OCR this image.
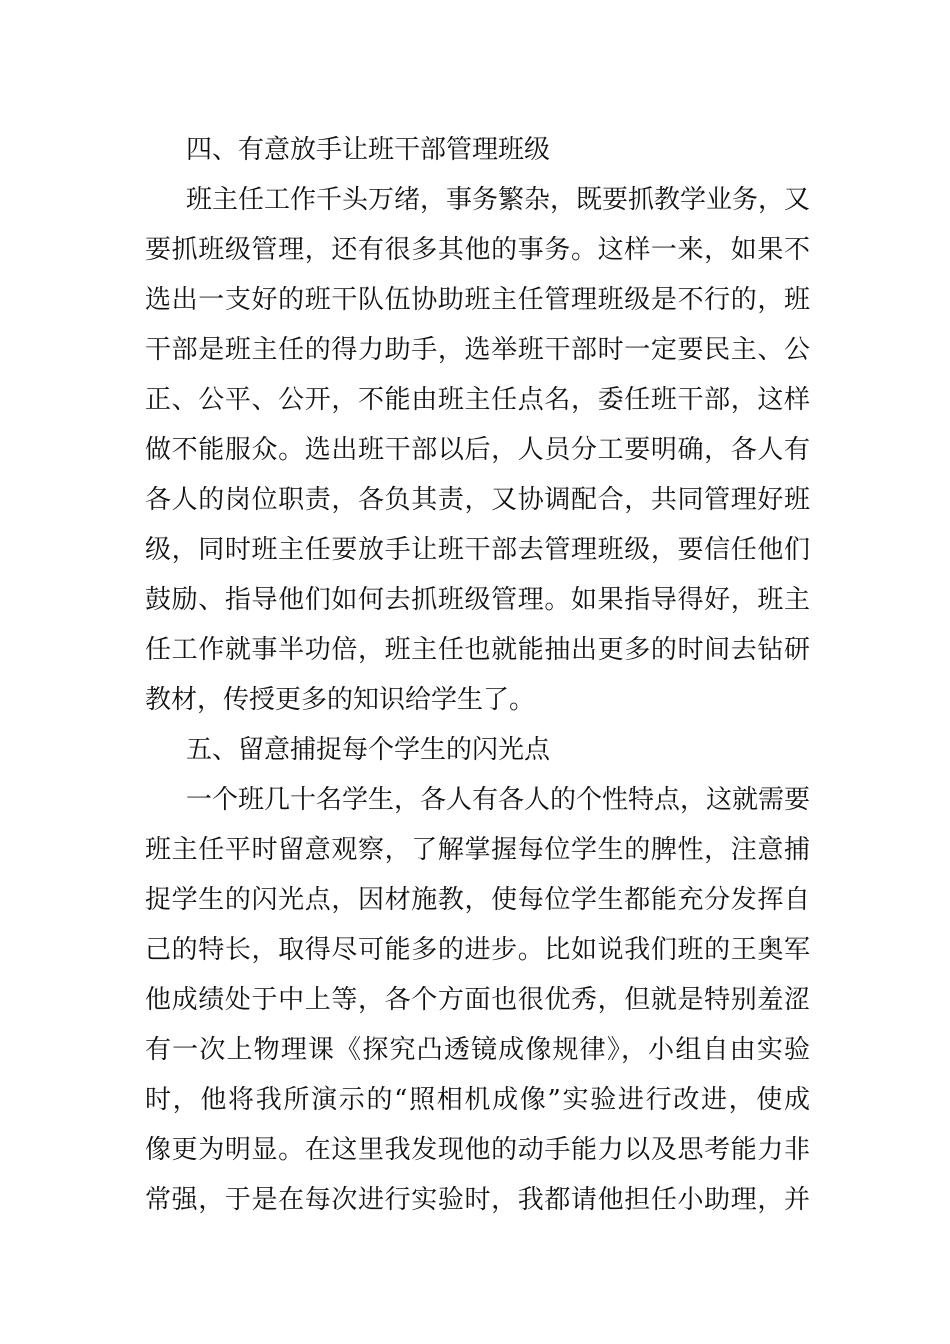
四、有意放手让班干部管理班级
班主任工作千头万绪，事务繁杂，既要抓教学业务，又
要抓班级管理，还有很多其他的事务。这样一来，如果不
选出一支好的班干队伍协助班主任管理班级是不行的，班
干部是班主任的得力助手，选举班干部时一定要民主、公
正、公平、公开，不能由班主任点名，委任班干部，这样
做不能服众。选出班干部以后，人员分工要明确，各人有
各人的岗位职责，各负其责，又协调配合，共同管理好班
级，同时班主任要放手让班干部去管理班级，要信任他们
鼓励、指导他们如何去抓班级管理。如果指导得好，班主
任工作就事半功倍，班主任也就能抽出更多的时间去钻研
教材，传授更多的知识给学生了。
五、留意捕捉每个学生的闪光点
一个班几十名学生，各人有各人的个性特点，这就需要
班主任平时留意观察，了解掌握每位学生的脾性，注意捕
捉学生的闪光点，因材施教，使每位学生都能充分发挥自
己的特长，取得尽可能多的进步。比如说我们班的王奥军
他成绩处于中上等，各个方面也很优秀，但就是特别羞涩
有一次上物理课《探究凸透镜成像规律》，小组自由实验
时，他将我所演示的“照相机成像”实验进行改进，使成
像更为明显。在这里我发现他的动手能力以及思考能力非
常强，于是在每次进行实验时，我都请他担任小助理，并
